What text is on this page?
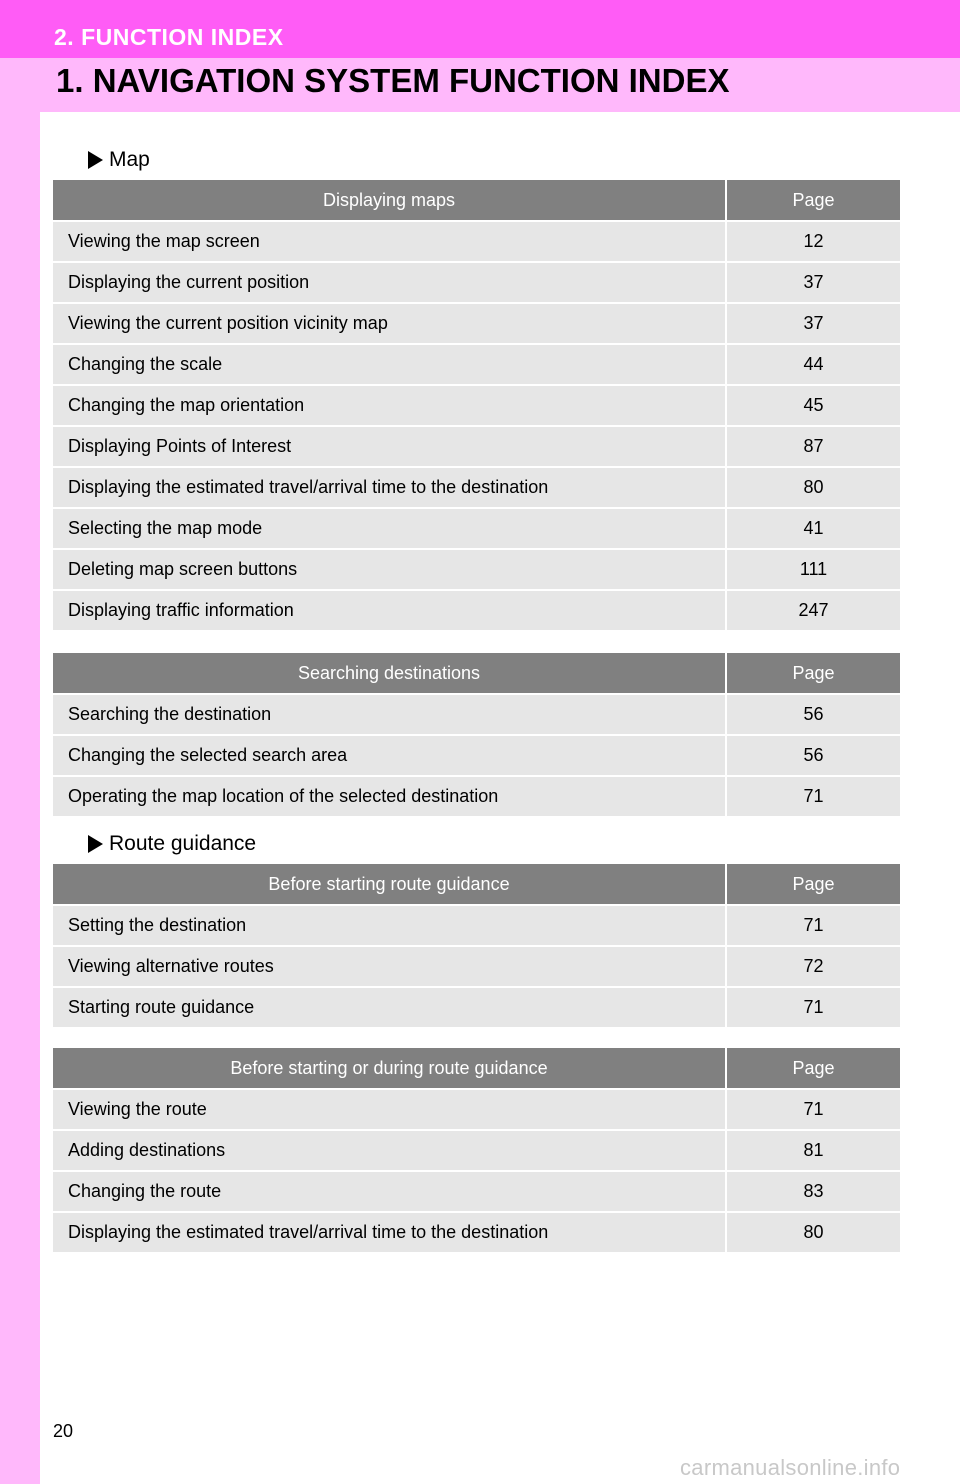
2. FUNCTION INDEX
1. NAVIGATION SYSTEM FUNCTION INDEX
Map
Displaying maps	Page
Viewing the map screen	12
Displaying the current position	37
Viewing the current position vicinity map	37
Changing the scale	44
Changing the map orientation	45
Displaying Points of Interest	87
Displaying the estimated travel/arrival time to the destination	80
Selecting the map mode	41
Deleting map screen buttons	111
Displaying traffic information	247
Searching destinations	Page
Searching the destination	56
Changing the selected search area	56
Operating the map location of the selected destination	71
Route guidance
Before starting route guidance	Page
Setting the destination	71
Viewing alternative routes	72
Starting route guidance	71
Before starting or during route guidance	Page
Viewing the route	71
Adding destinations	81
Changing the route	83
Displaying the estimated travel/arrival time to the destination	80
20
carmanualsonline.info
